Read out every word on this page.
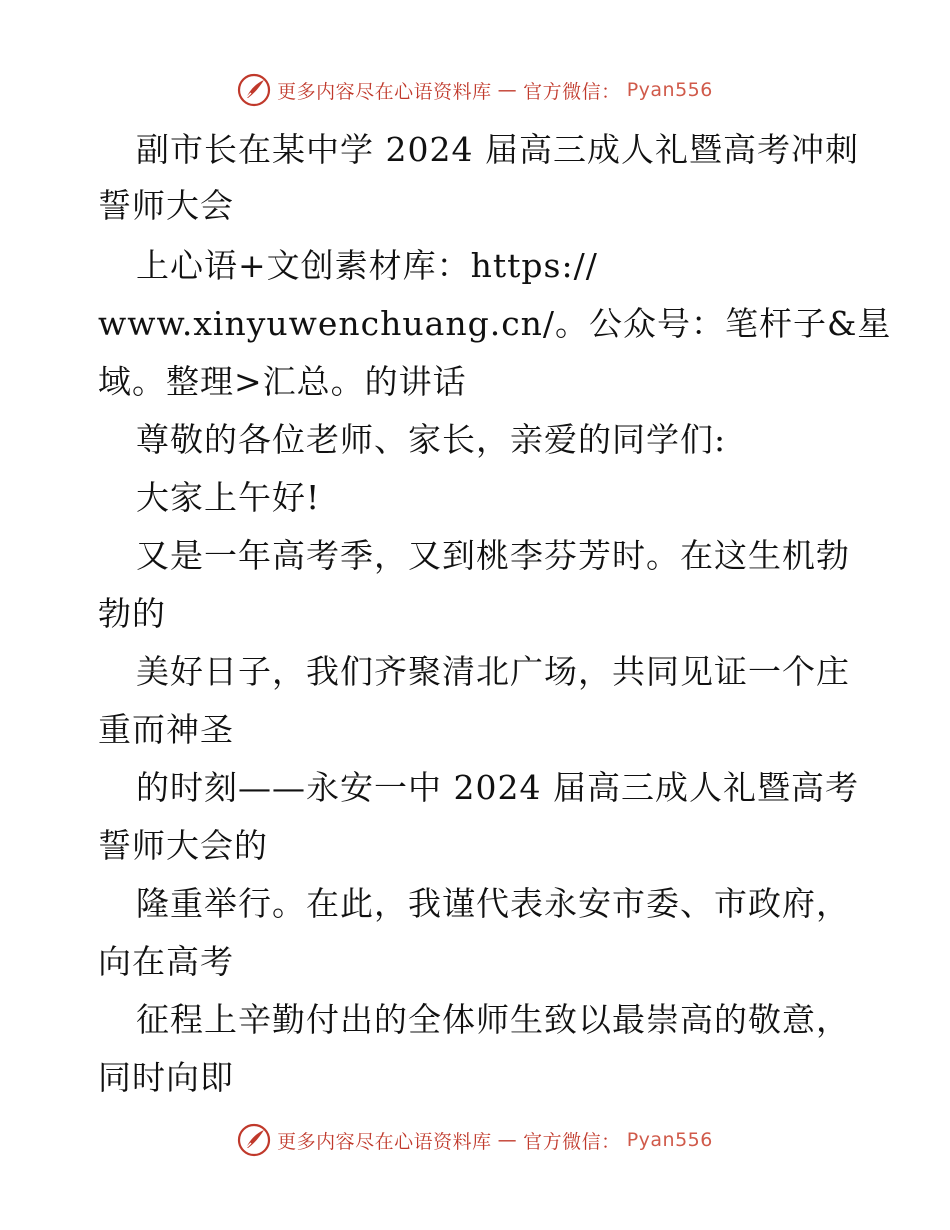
更多内容尽在心语资料库 — 官方微信： Pyan556
副市长在某中学 2024 届高三成人礼暨高考冲刺
誓师大会
上心语+文创素材库：https://
www.xinyuwenchuang.cn/。公众号：笔杆子&星
域。整理>汇总。的讲话
尊敬的各位老师、家长，亲爱的同学们:
大家上午好!
又是一年高考季，又到桃李芬芳时。在这生机勃
勃的
美好日子，我们齐聚清北广场，共同见证一个庄
重而神圣
的时刻——永安一中 2024 届高三成人礼暨高考
誓师大会的
隆重举行。在此，我谨代表永安市委、市政府，
向在高考
征程上辛勤付出的全体师生致以最崇高的敬意，
同时向即
更多内容尽在心语资料库 — 官方微信： Pyan556
